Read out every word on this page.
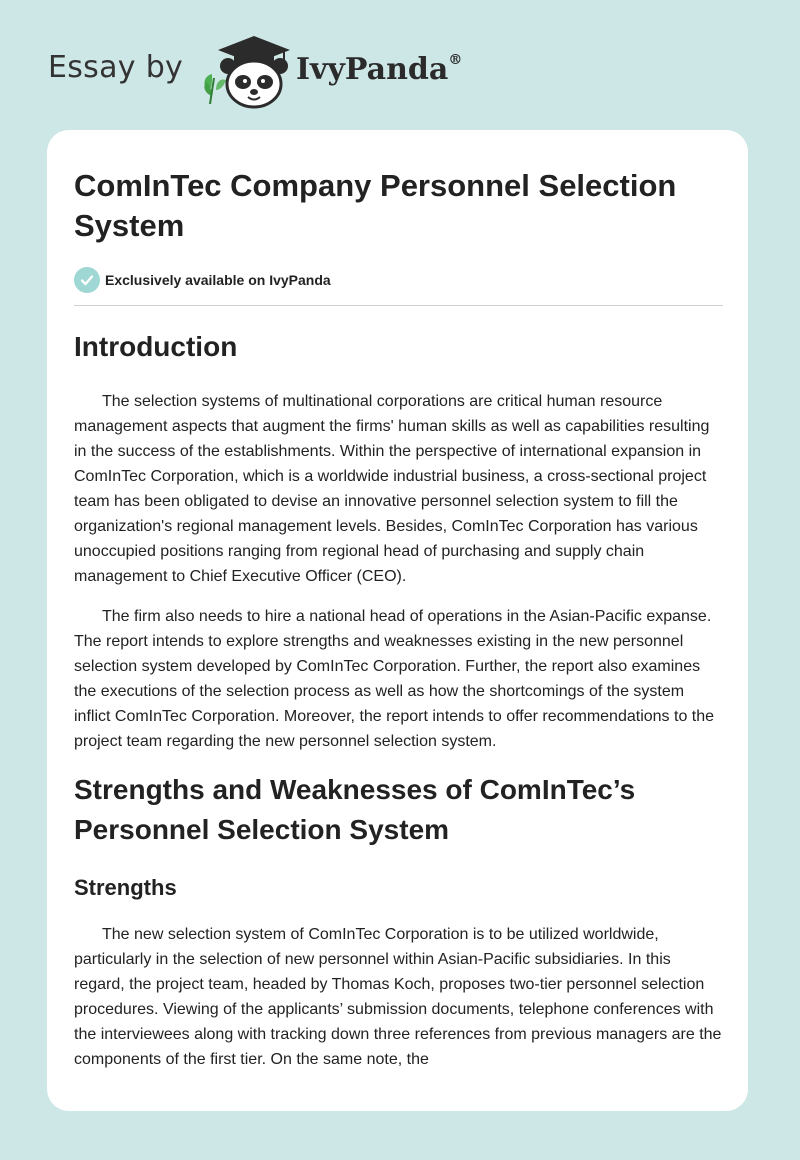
Essay by	IvyPanda®
ComInTec Company Personnel Selection System
Exclusively available on IvyPanda
Introduction

The selection systems of multinational corporations are critical human resource management aspects that augment the firms' human skills as well as capabilities resulting in the success of the establishments. Within the perspective of international expansion in ComInTec Corporation, which is a worldwide industrial business, a cross-sectional project team has been obligated to devise an innovative personnel selection system to fill the organization's regional management levels. Besides, ComInTec Corporation has various unoccupied positions ranging from regional head of purchasing and supply chain management to Chief Executive Officer (CEO).

The firm also needs to hire a national head of operations in the Asian-Pacific expanse. The report intends to explore strengths and weaknesses existing in the new personnel selection system developed by ComInTec Corporation. Further, the report also examines the executions of the selection process as well as how the shortcomings of the system inflict ComInTec Corporation. Moreover, the report intends to offer recommendations to the project team regarding the new personnel selection system.

Strengths and Weaknesses of ComInTec’s Personnel Selection System
Strengths

The new selection system of ComInTec Corporation is to be utilized worldwide, particularly in the selection of new personnel within Asian-Pacific subsidiaries. In this regard, the project team, headed by Thomas Koch, proposes two-tier personnel selection procedures. Viewing of the applicants’ submission documents, telephone conferences with the interviewees along with tracking down three references from previous managers are the components of the first tier. On the same note, the
